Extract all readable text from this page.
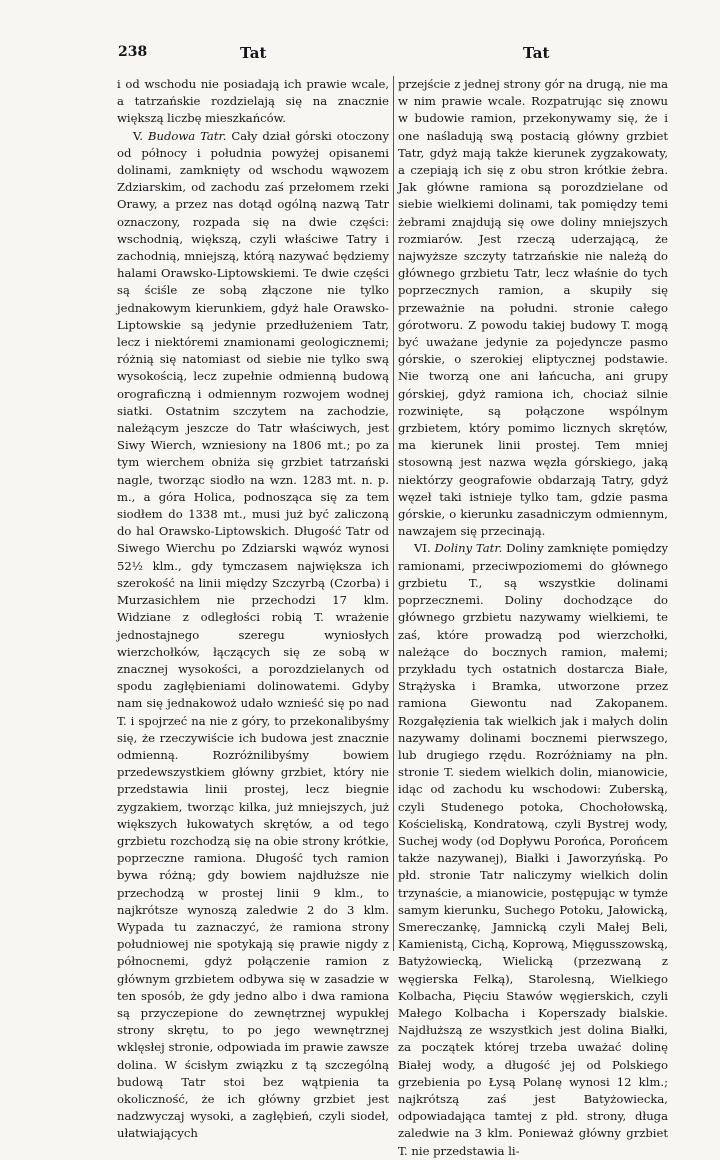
238	Tat	Tat

i od wschodu nie posiadają ich prawie wcale, a tatrzańskie rozdzielają się na znacznie większą liczbę mieszkańców.

V. Budowa Tatr. Cały dział górski otoczony od północy i południa powyżej opisanemi dolinami, zamknięty od wschodu wąwozem Zdziarskim, od zachodu zaś przełomem rzeki Orawy, a przez nas dotąd ogólną nazwą Tatr oznaczony, rozpada się na dwie części: wschodnią, większą, czyli właściwe Tatry i zachodnią, mniejszą, którą nazywać będziemy halami Orawsko-Liptowskiemi. Te dwie części są ściśle ze sobą złączone nie tylko jednakowym kierunkiem, gdyż hale Orawsko-Liptowskie są jedynie przedłużeniem Tatr, lecz i niektóremi znamionami geologicznemi; różnią się natomiast od siebie nie tylko swą wysokością, lecz zupełnie odmienną budową orograficzną i odmiennym rozwojem wodnej siatki. Ostatnim szczytem na zachodzie, należącym jeszcze do Tatr właściwych, jest Siwy Wierch, wzniesiony na 1806 mt.; po za tym wierchem obniża się grzbiet tatrzański nagle, tworząc siodło na wzn. 1283 mt. n. p. m., a góra Holica, podnosząca się za tem siodłem do 1338 mt., musi już być zaliczoną do hal Orawsko-Liptowskich. Długość Tatr od Siwego Wierchu po Zdziarski wąwóz wynosi 52½ klm., gdy tymczasem największa ich szerokość na linii między Szczyrbą (Czorba) i Murzasichłem nie przechodzi 17 klm. Widziane z odległości robią T. wrażenie jednostajnego szeregu wyniosłych wierzchołków, łączących się ze sobą w znacznej wysokości, a porozdzielanych od spodu zagłębieniami dolinowatemi. Gdyby nam się jednakowoż udało wznieść się po nad T. i spojrzeć na nie z góry, to przekonalibyśmy się, że rzeczywiście ich budowa jest znacznie odmienną. Rozróżnilibyśmy bowiem przedewszystkiem główny grzbiet, który nie przedstawia linii prostej, lecz biegnie zygzakiem, tworząc kilka, już mniejszych, już większych łukowatych skrętów, a od tego grzbietu rozchodzą się na obie strony krótkie, poprzeczne ramiona. Długość tych ramion bywa różną; gdy bowiem najdłuższe nie przechodzą w prostej linii 9 klm., to najkrótsze wynoszą zaledwie 2 do 3 klm. Wypada tu zaznaczyć, że ramiona strony południowej nie spotykają się prawie nigdy z północnemi, gdyż połączenie ramion z głównym grzbietem odbywa się w zasadzie w ten sposób, że gdy jedno albo i dwa ramiona są przyczepione do zewnętrznej wypukłej strony skrętu, to po jego wewnętrznej wklęsłej stronie, odpowiada im prawie zawsze dolina. W ścisłym związku z tą szczególną budową Tatr stoi bez wątpienia ta okoliczność, że ich główny grzbiet jest nadzwyczaj wysoki, a zagłębień, czyli siodeł, ułatwiających

przejście z jednej strony gór na drugą, nie ma w nim prawie wcale. Rozpatrując się znowu w budowie ramion, przekonywamy się, że i one naśladują swą postacią główny grzbiet Tatr, gdyż mają także kierunek zygzakowaty, a czepiają ich się z obu stron krótkie żebra. Jak główne ramiona są porozdzielane od siebie wielkiemi dolinami, tak pomiędzy temi żebrami znajdują się owe doliny mniejszych rozmiarów. Jest rzeczą uderzającą, że najwyższe szczyty tatrzańskie nie należą do głównego grzbietu Tatr, lecz właśnie do tych poprzecznych ramion, a skupiły się przeważnie na południ. stronie całego górotworu. Z powodu takiej budowy T. mogą być uważane jedynie za pojedyncze pasmo górskie, o szerokiej eliptycznej podstawie. Nie tworzą one ani łańcucha, ani grupy górskiej, gdyż ramiona ich, chociaż silnie rozwinięte, są połączone wspólnym grzbietem, który pomimo licznych skrętów, ma kierunek linii prostej. Tem mniej stosowną jest nazwa węzła górskiego, jaką niektórzy geografowie obdarzają Tatry, gdyż węzeł taki istnieje tylko tam, gdzie pasma górskie, o kierunku zasadniczym odmiennym, nawzajem się przecinają.

VI. Doliny Tatr. Doliny zamknięte pomiędzy ramionami, przeciwpoziomemi do głównego grzbietu T., są wszystkie dolinami poprzecznemi. Doliny dochodzące do głównego grzbietu nazywamy wielkiemi, te zaś, które prowadzą pod wierzchołki, należące do bocznych ramion, małemi; przykładu tych ostatnich dostarcza Białe, Strążyska i Bramka, utworzone przez ramiona Giewontu nad Zakopanem. Rozgałęzienia tak wielkich jak i małych dolin nazywamy dolinami bocznemi pierwszego, lub drugiego rzędu. Rozróżniamy na płn. stronie T. siedem wielkich dolin, mianowicie, idąc od zachodu ku wschodowi: Zuberską, czyli Studenego potoka, Chochołowską, Kościeliską, Kondratową, czyli Bystrej wody, Suchej wody (od Dopływu Porońca, Porońcem także nazywanej), Białki i Jaworzyńską. Po płd. stronie Tatr naliczymy wielkich dolin trzynaście, a mianowicie, postępując w tymże samym kierunku, Suchego Potoku, Jałowicką, Smereczankę, Jamnicką czyli Małej Beli, Kamienistą, Cichą, Koprową, Mięgusszowską, Batyżowiecką, Wielicką (przezwaną z węgierska Felką), Starolesną, Wielkiego Kolbacha, Pięciu Stawów węgierskich, czyli Małego Kolbacha i Koperszady bialskie. Najdłuższą ze wszystkich jest dolina Białki, za początek której trzeba uważać dolinę Białej wody, a długość jej od Polskiego grzebienia po Łysą Polanę wynosi 12 klm.; najkrótszą zaś jest Batyżowiecka, odpowiadająca tamtej z płd. strony, długa zaledwie na 3 klm. Ponieważ główny grzbiet T. nie przedstawia li-
